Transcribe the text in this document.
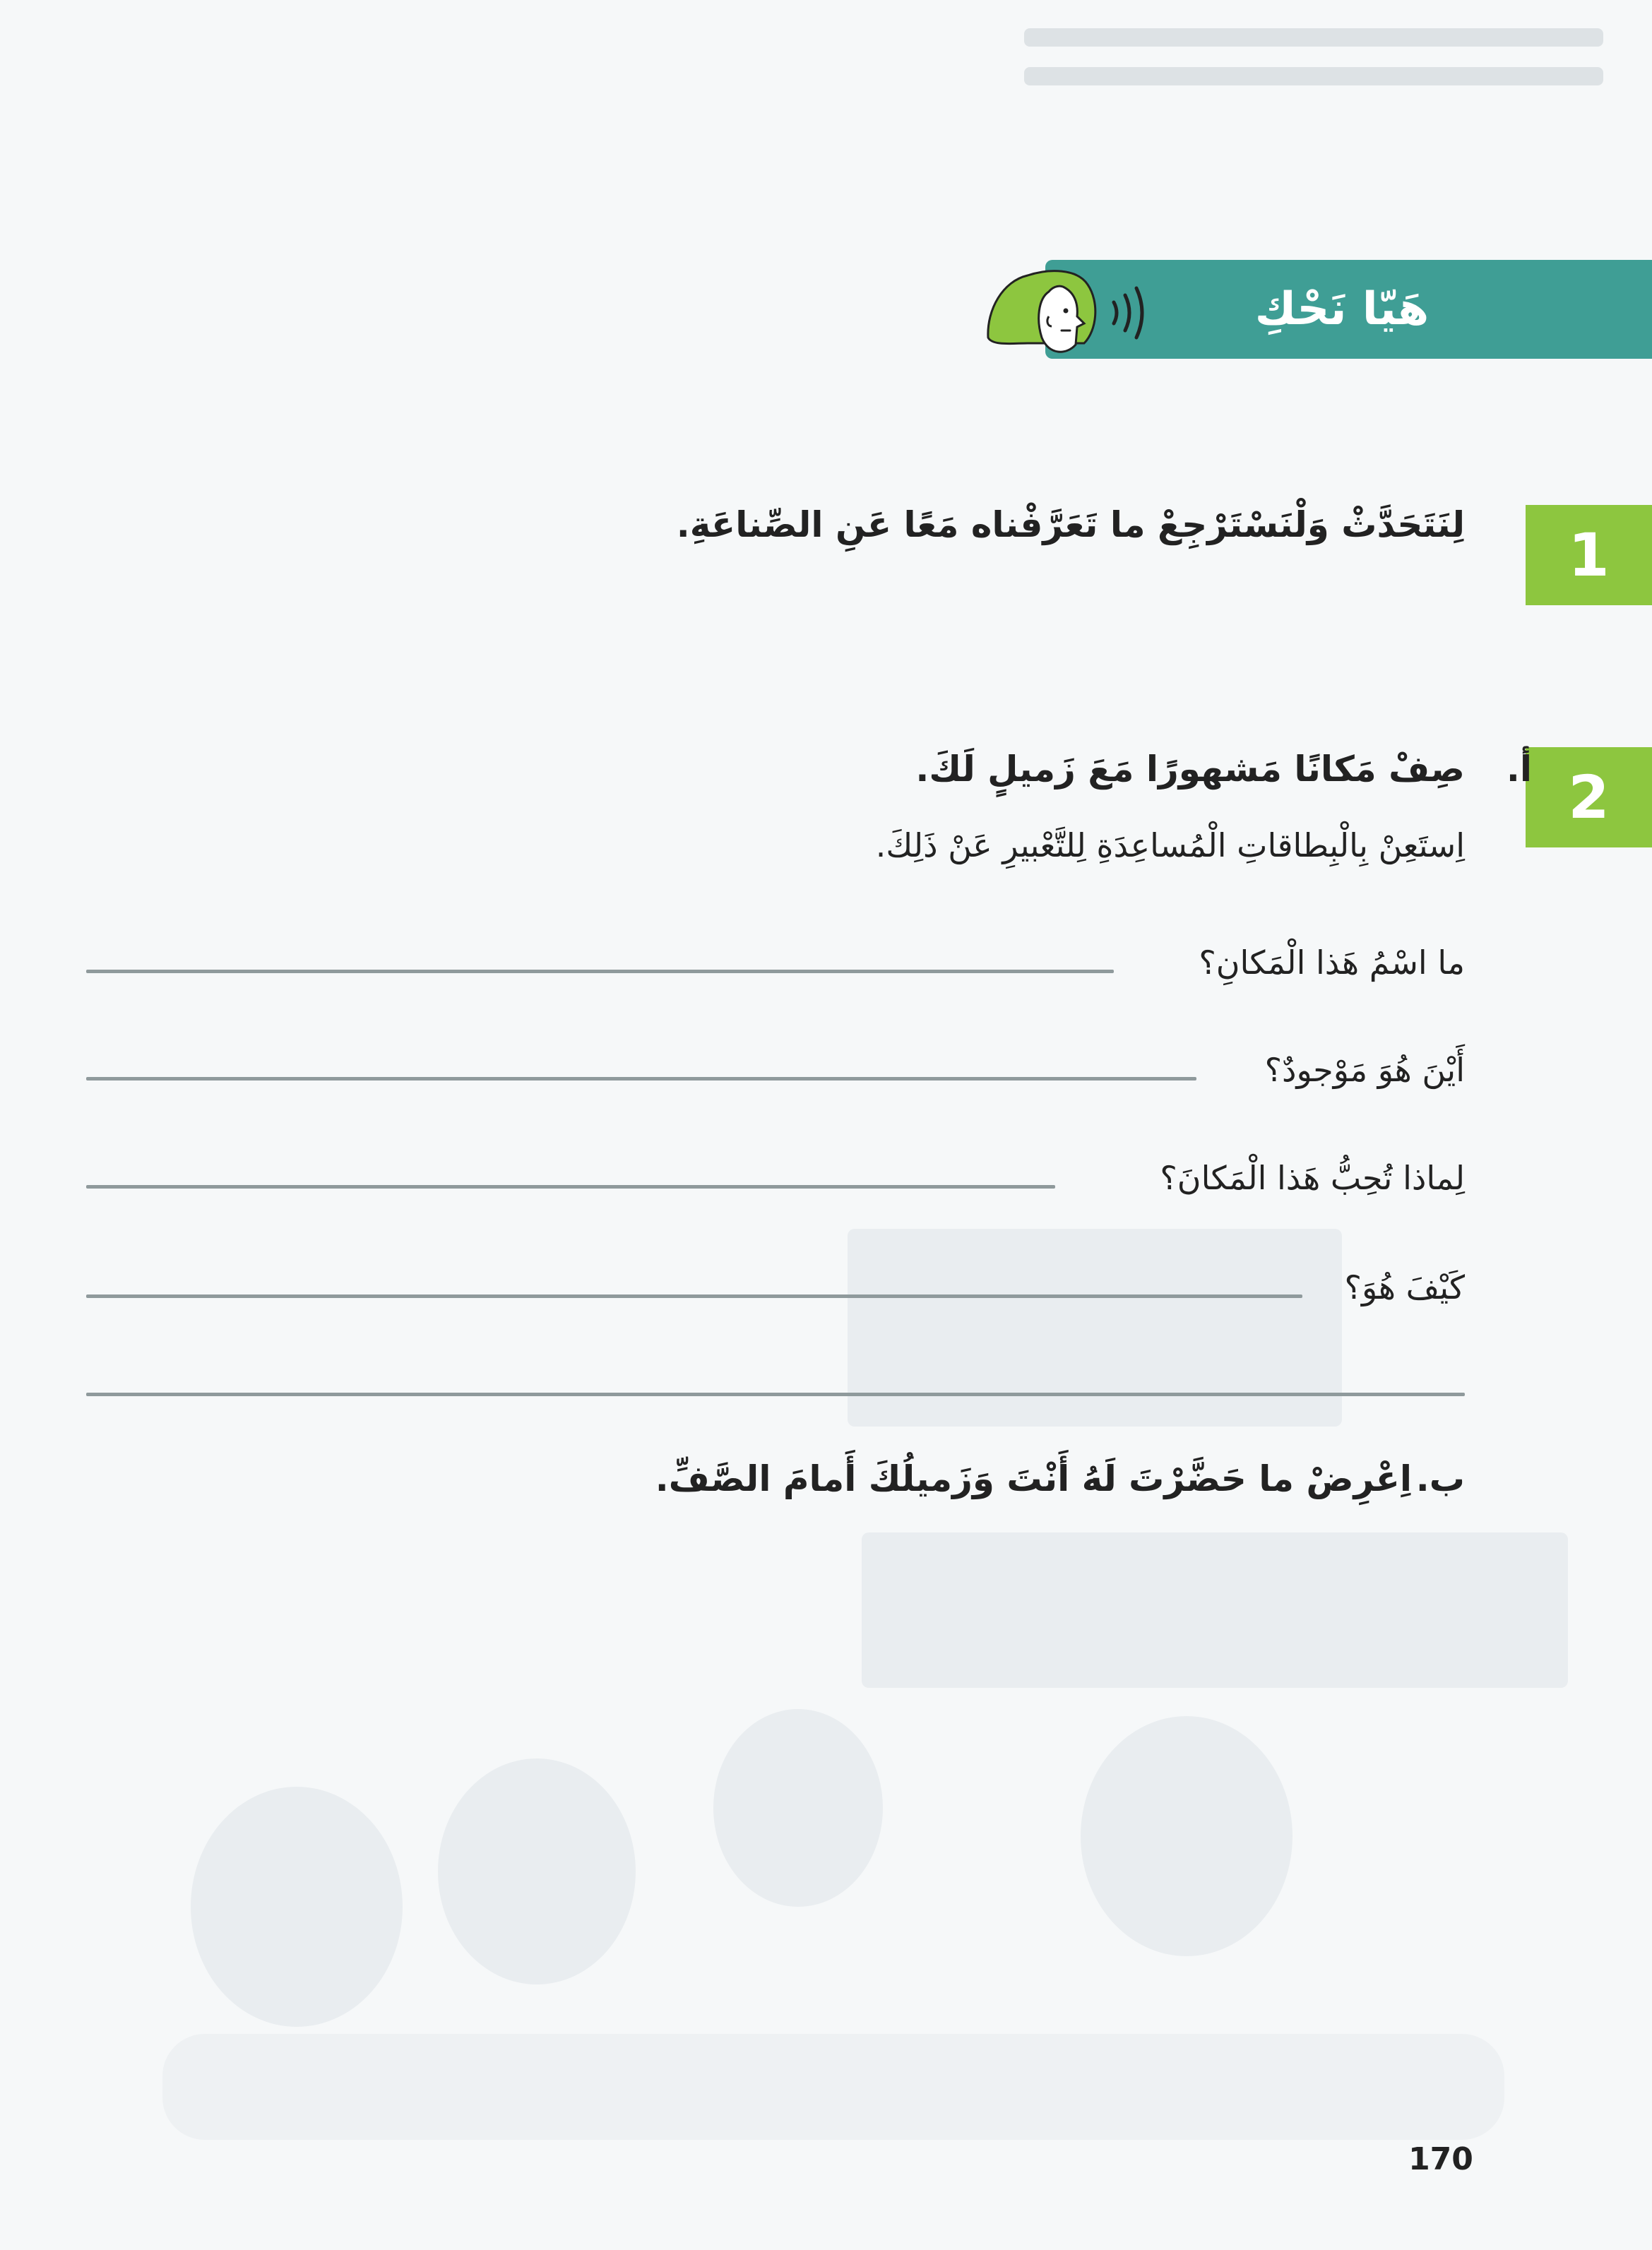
هَيّا نَحْكِ
1
لِنَتَحَدَّثْ وَلْنَسْتَرْجِعْ ما تَعَرَّفْناه مَعًا عَنِ الصِّناعَةِ.
2
أ.
صِفْ مَكانًا مَشهورًا مَعَ زَميلٍ لَكَ.
اِستَعِنْ بِالْبِطاقاتِ الْمُساعِدَةِ لِلتَّعْبيرِ عَنْ ذَلِكَ.
ما اسْمُ هَذا الْمَكانِ؟
أَيْنَ هُوَ مَوْجودٌ؟
لِماذا تُحِبُّ هَذا الْمَكانَ؟
كَيْفَ هُوَ؟
ب.
اِعْرِضْ ما حَضَّرْتَ لَهُ أَنْتَ وَزَميلُكَ أَمامَ الصَّفِّ.
170
